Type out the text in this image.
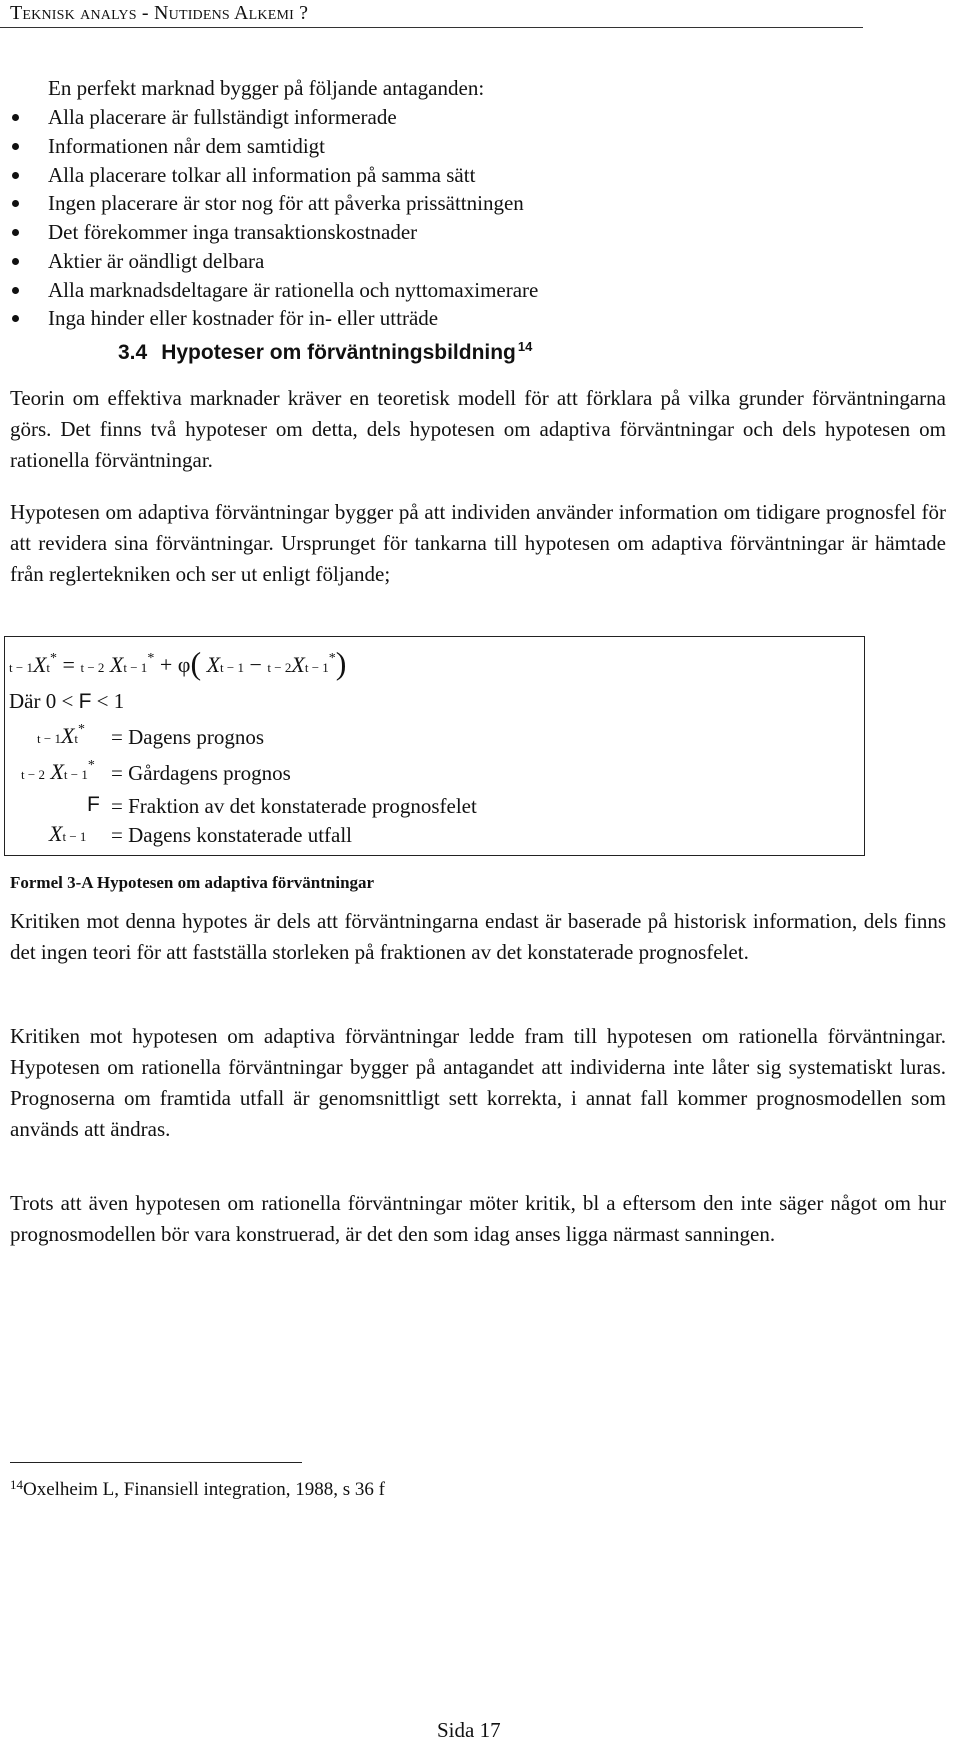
Teknisk analys - Nutidens Alkemi ?
En perfekt marknad bygger på följande antaganden:
Alla placerare är fullständigt informerade
Informationen når dem samtidigt
Alla placerare tolkar all information på samma sätt
Ingen placerare är stor nog för att påverka prissättningen
Det förekommer inga transaktionskostnader
Aktier är oändligt delbara
Alla marknadsdeltagare är rationella och nyttomaximerare
Inga hinder eller kostnader för in- eller utträde
3.4 Hypoteser om förväntningsbildning $^{14}$

Teorin om effektiva marknader kräver en teoretisk modell för att förklara på vilka grunder förväntningarna görs. Det finns två hypoteser om detta, dels hypotesen om adaptiva förväntningar och dels hypotesen om rationella förväntningar.

Hypotesen om adaptiva förväntningar bygger på att individen använder information om tidigare prognosfel för att revidera sina förväntningar. Ursprunget för tankarna till hypotesen om adaptiva förväntningar är hämtade från reglertekniken och ser ut enligt följande;

t − 1Xt* = t − 2 Xt − 1* + φ( Xt − 1 − t − 2Xt − 1*)
Där 0 < F < 1
t − 1Xt* = Dagens prognos
t − 2 Xt − 1* = Gårdagens prognos
F = Fraktion av det konstaterade prognosfelet
Xt − 1 = Dagens konstaterade utfall
Formel 3-A Hypotesen om adaptiva förväntningar

Kritiken mot denna hypotes är dels att förväntningarna endast är baserade på historisk information, dels finns det ingen teori för att fastställa storleken på fraktionen av det konstaterade prognosfelet.

Kritiken mot hypotesen om adaptiva förväntningar ledde fram till hypotesen om rationella förväntningar. Hypotesen om rationella förväntningar bygger på antagandet att individerna inte låter sig systematiskt luras. Prognoserna om framtida utfall är genomsnittligt sett korrekta, i annat fall kommer prognosmodellen som används att ändras.

Trots att även hypotesen om rationella förväntningar möter kritik, bl a eftersom den inte säger något om hur prognosmodellen bör vara konstruerad, är det den som idag anses ligga närmast sanningen.

$^{14}$Oxelheim L, Finansiell integration, 1988, s 36 f
Sida 17
